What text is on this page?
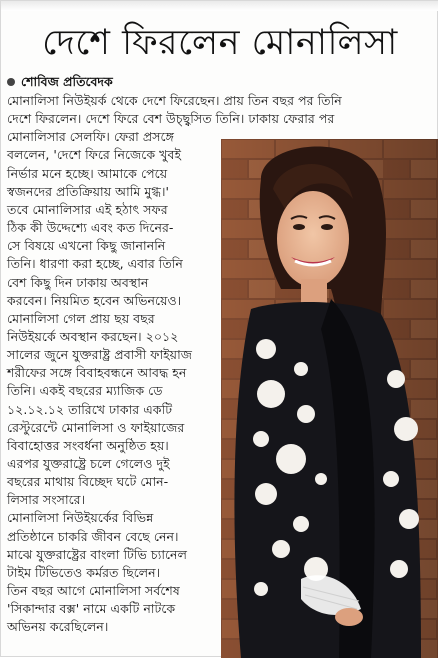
দেশে ফিরলেন মোনালিসা
শোবিজ প্রতিবেদক
মোনালিসা নিউইয়র্ক থেকে দেশে ফিরেছেন। প্রায় তিন বছর পর তিনি
দেশে ফিরলেন। দেশে ফিরে বেশ উচ্ছ্বসিত তিনি। ঢাকায় ফেরার পর
মোনালিসার সেলফি। ফেরা প্রসঙ্গে
বললেন, 'দেশে ফিরে নিজেকে খুবই
নির্ভার মনে হচ্ছে। আমাকে পেয়ে
স্বজনদের প্রতিক্রিয়ায় আমি মুগ্ধ।'
তবে মোনালিসার এই হঠাৎ সফর
ঠিক কী উদ্দেশ্যে এবং কত দিনের-
সে বিষয়ে এখনো কিছু জানাননি
তিনি। ধারণা করা হচ্ছে, এবার তিনি
বেশ কিছু দিন ঢাকায় অবস্থান
করবেন। নিয়মিত হবেন অভিনয়েও।
মোনালিসা গেল প্রায় ছয় বছর
নিউইয়র্কে অবস্থান করছেন। ২০১২
সালের জুনে যুক্তরাষ্ট্র প্রবাসী ফাইয়াজ
শরীফের সঙ্গে বিবাহবন্ধনে আবদ্ধ হন
তিনি। একই বছরের ম্যাজিক ডে
১২.১২.১২ তারিখে ঢাকার একটি
রেস্টুরেন্টে মোনালিসা ও ফাইয়াজের
বিবাহোত্তর সংবর্ধনা অনুষ্ঠিত হয়।
এরপর যুক্তরাষ্ট্রে চলে গেলেও দুই
বছরের মাথায় বিচ্ছেদ ঘটে মোন-
লিসার সংসারে।
মোনালিসা নিউইয়র্কের বিভিন্ন
প্রতিষ্ঠানে চাকরি জীবন বেছে নেন।
মাঝে যুক্তরাষ্ট্রের বাংলা টিভি চ্যানেল
টাইম টিভিতেও কর্মরত ছিলেন।
তিন বছর আগে মোনালিসা সর্বশেষ
'সিকান্দার বক্স' নামে একটি নাটকে
অভিনয় করেছিলেন।
